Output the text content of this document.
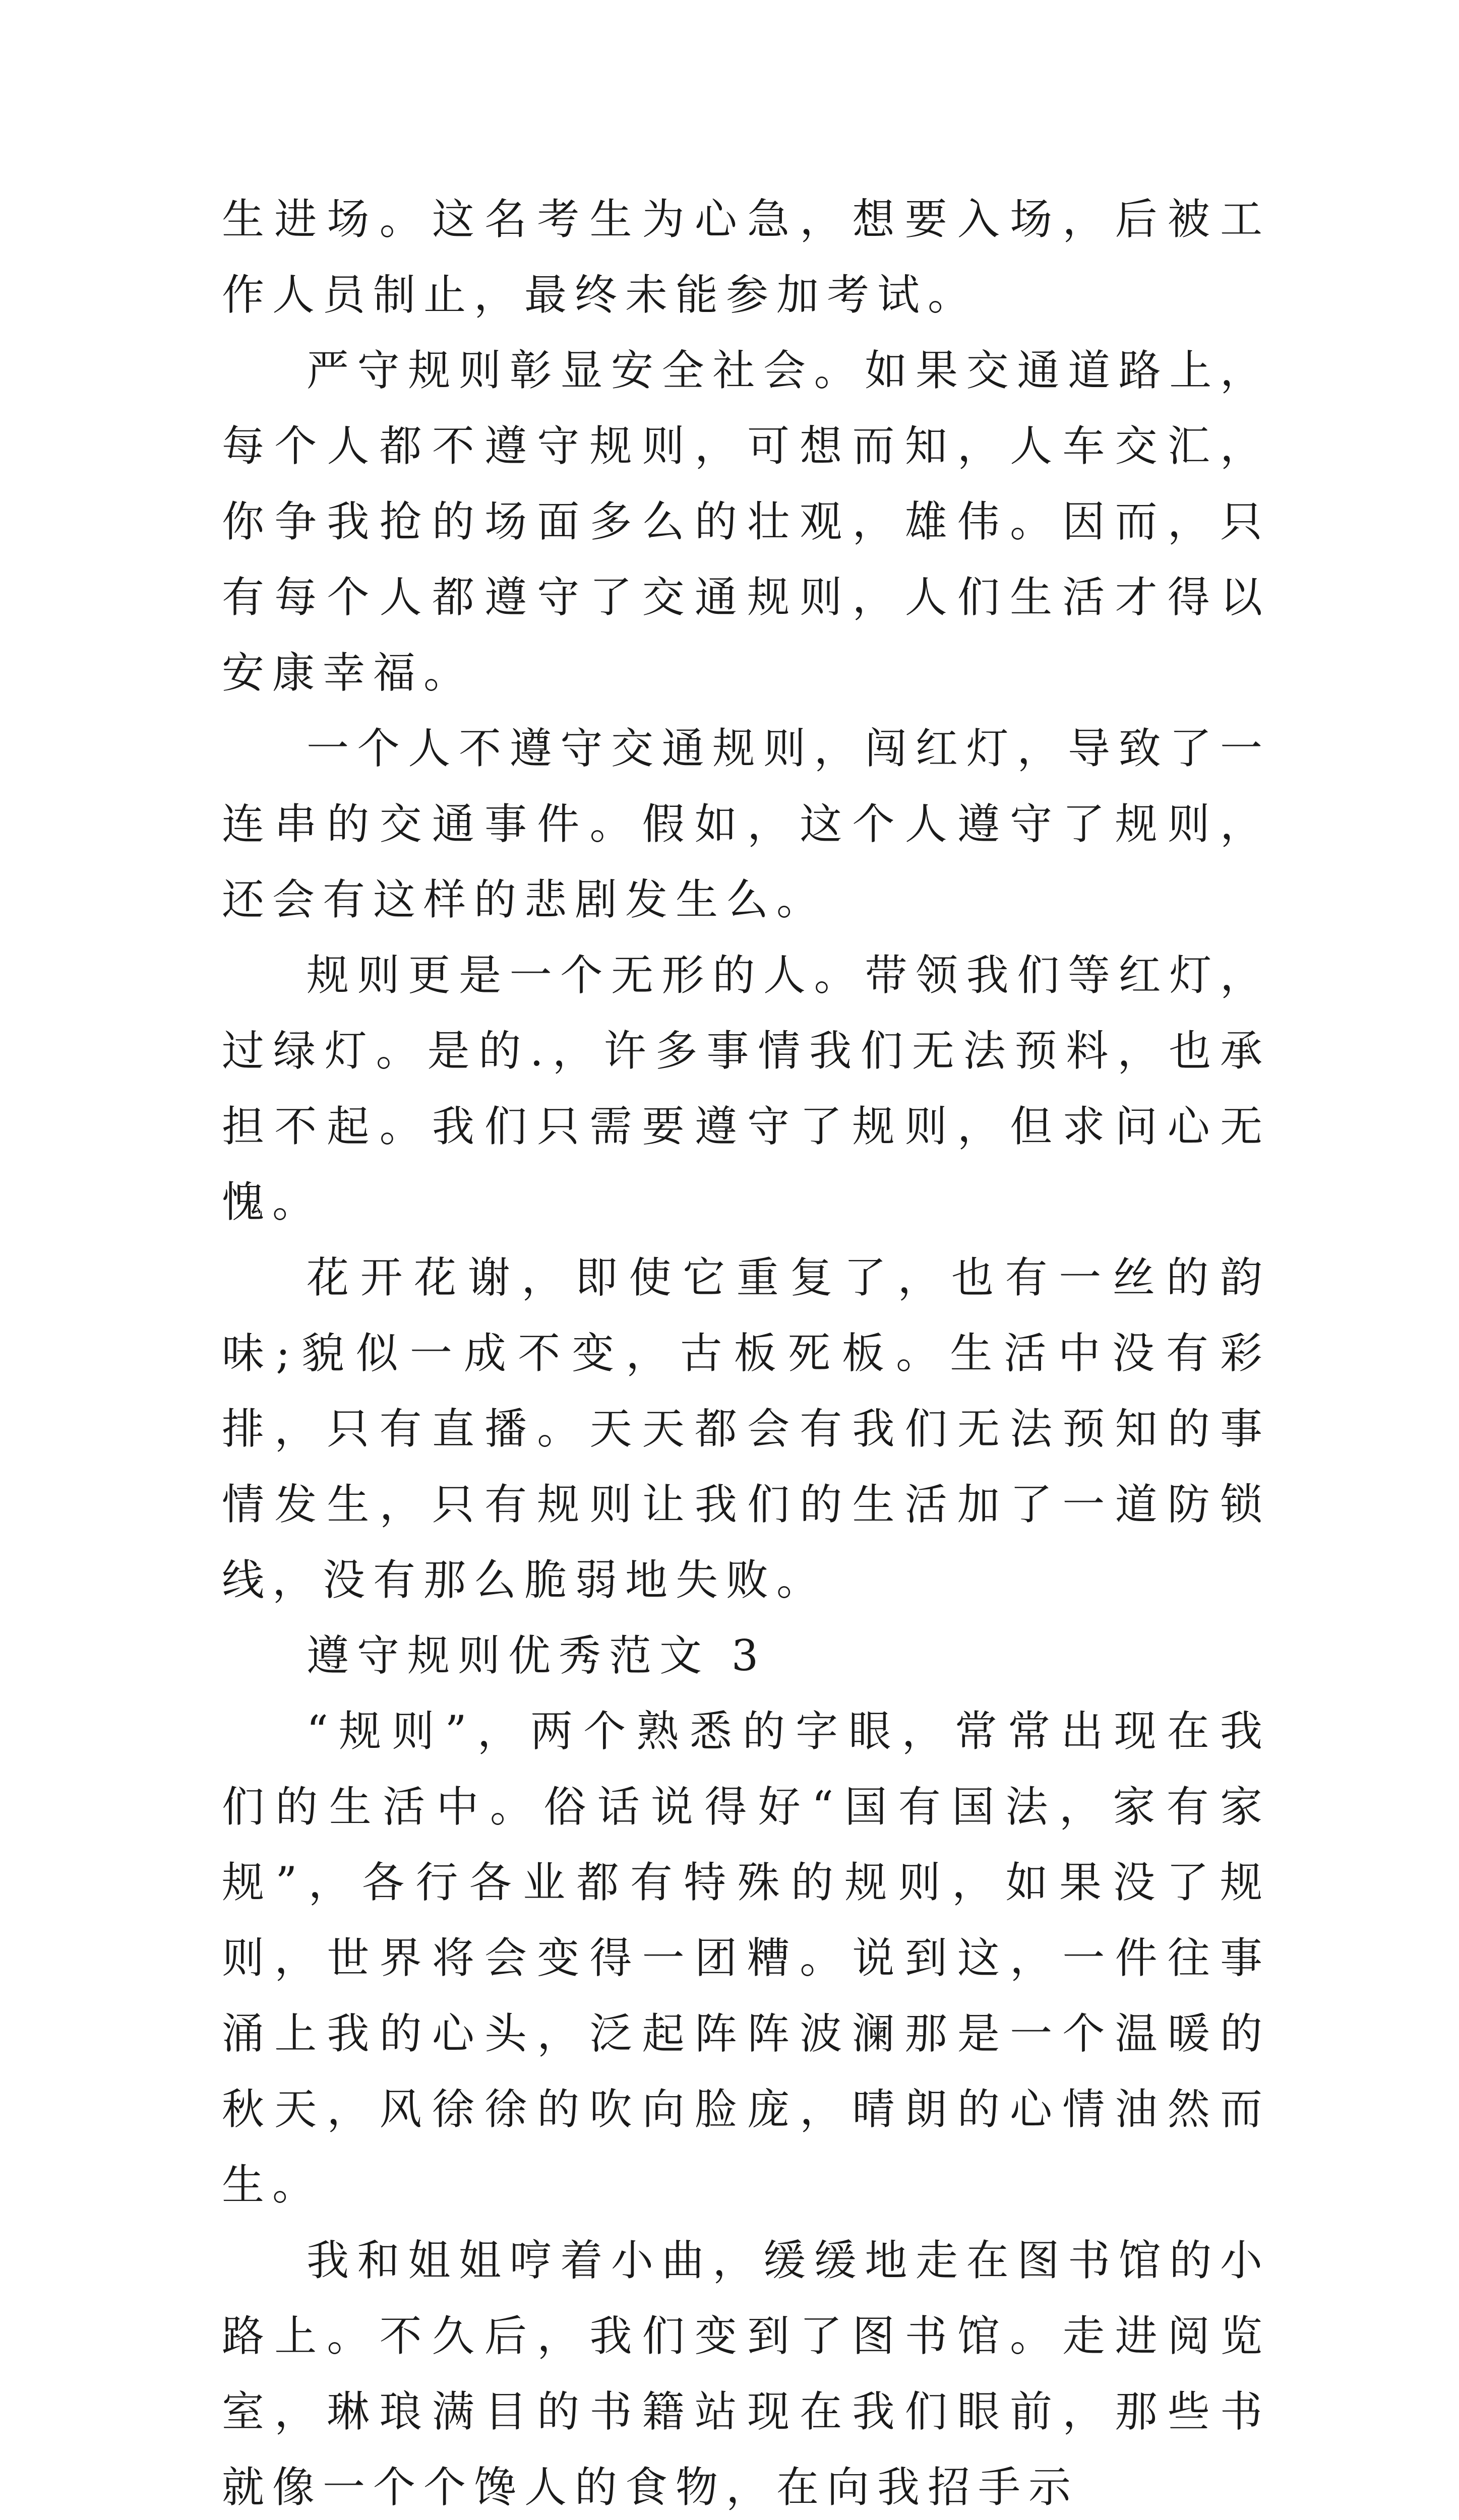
生进场。这名考生为心急，想要入场，后被工作人员制止，最终未能参加考试。

严守规则彰显安全社会。如果交通道路上，每个人都不遵守规则，可想而知，人车交汇，你争我抢的场面多么的壮观，雄伟。因而，只有每个人都遵守了交通规则，人们生活才得以安康幸福。

一个人不遵守交通规则，闯红灯，导致了一连串的交通事件。假如，这个人遵守了规则，还会有这样的悲剧发生么。

规则更是一个无形的人。带领我们等红灯，过绿灯。是的.，许多事情我们无法预料，也承担不起。我们只需要遵守了规则，但求问心无愧。

花开花谢，即使它重复了，也有一丝的韵味;貌似一成不变，古板死板。生活中没有彩排，只有直播。天天都会有我们无法预知的事情发生，只有规则让我们的生活加了一道防锁线，没有那么脆弱地失败。

遵守规则优秀范文 3

“规则”，两个熟悉的字眼，常常出现在我们的生活中。俗话说得好“国有国法，家有家规”，各行各业都有特殊的规则，如果没了规则，世界将会变得一团糟。说到这，一件往事涌上我的心头，泛起阵阵波澜那是一个温暖的秋天，风徐徐的吹向脸庞，晴朗的心情油然而生。

我和姐姐哼着小曲，缓缓地走在图书馆的小路上。不久后，我们变到了图书馆。走进阅览室，琳琅满目的书籍站现在我们眼前，那些书就像一个个馋人的食物，在向我招手示
